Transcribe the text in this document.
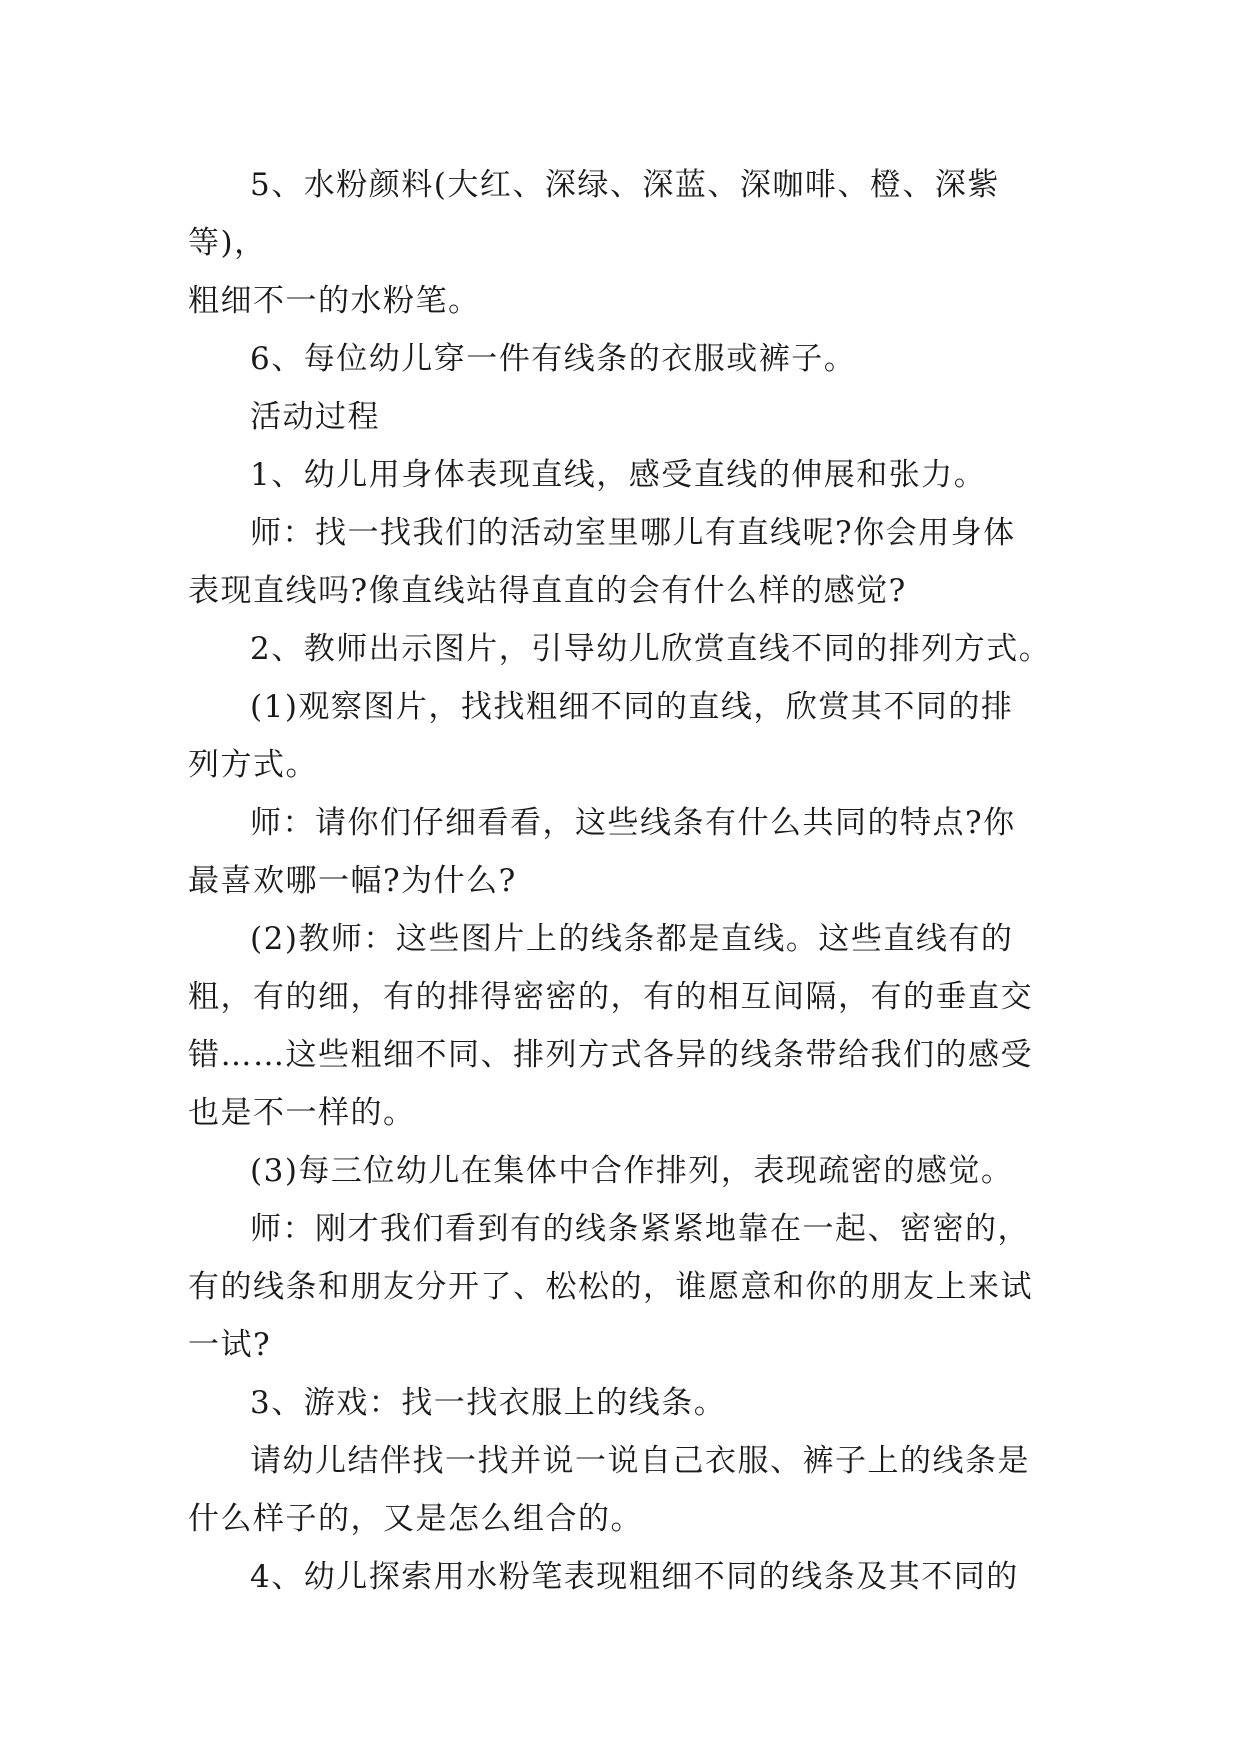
5、水粉颜料(大红、深绿、深蓝、深咖啡、橙、深紫等)，
粗细不一的水粉笔。
6、每位幼儿穿一件有线条的衣服或裤子。
活动过程
1、幼儿用身体表现直线，感受直线的伸展和张力。
师：找一找我们的活动室里哪儿有直线呢?你会用身体
表现直线吗?像直线站得直直的会有什么样的感觉?
2、教师出示图片，引导幼儿欣赏直线不同的排列方式。
(1)观察图片，找找粗细不同的直线，欣赏其不同的排
列方式。
师：请你们仔细看看，这些线条有什么共同的特点?你
最喜欢哪一幅?为什么?
(2)教师：这些图片上的线条都是直线。这些直线有的
粗，有的细，有的排得密密的，有的相互间隔，有的垂直交
错……这些粗细不同、排列方式各异的线条带给我们的感受
也是不一样的。
(3)每三位幼儿在集体中合作排列，表现疏密的感觉。
师：刚才我们看到有的线条紧紧地靠在一起、密密的，
有的线条和朋友分开了、松松的，谁愿意和你的朋友上来试
一试?
3、游戏：找一找衣服上的线条。
请幼儿结伴找一找并说一说自己衣服、裤子上的线条是
什么样子的，又是怎么组合的。
4、幼儿探索用水粉笔表现粗细不同的线条及其不同的
